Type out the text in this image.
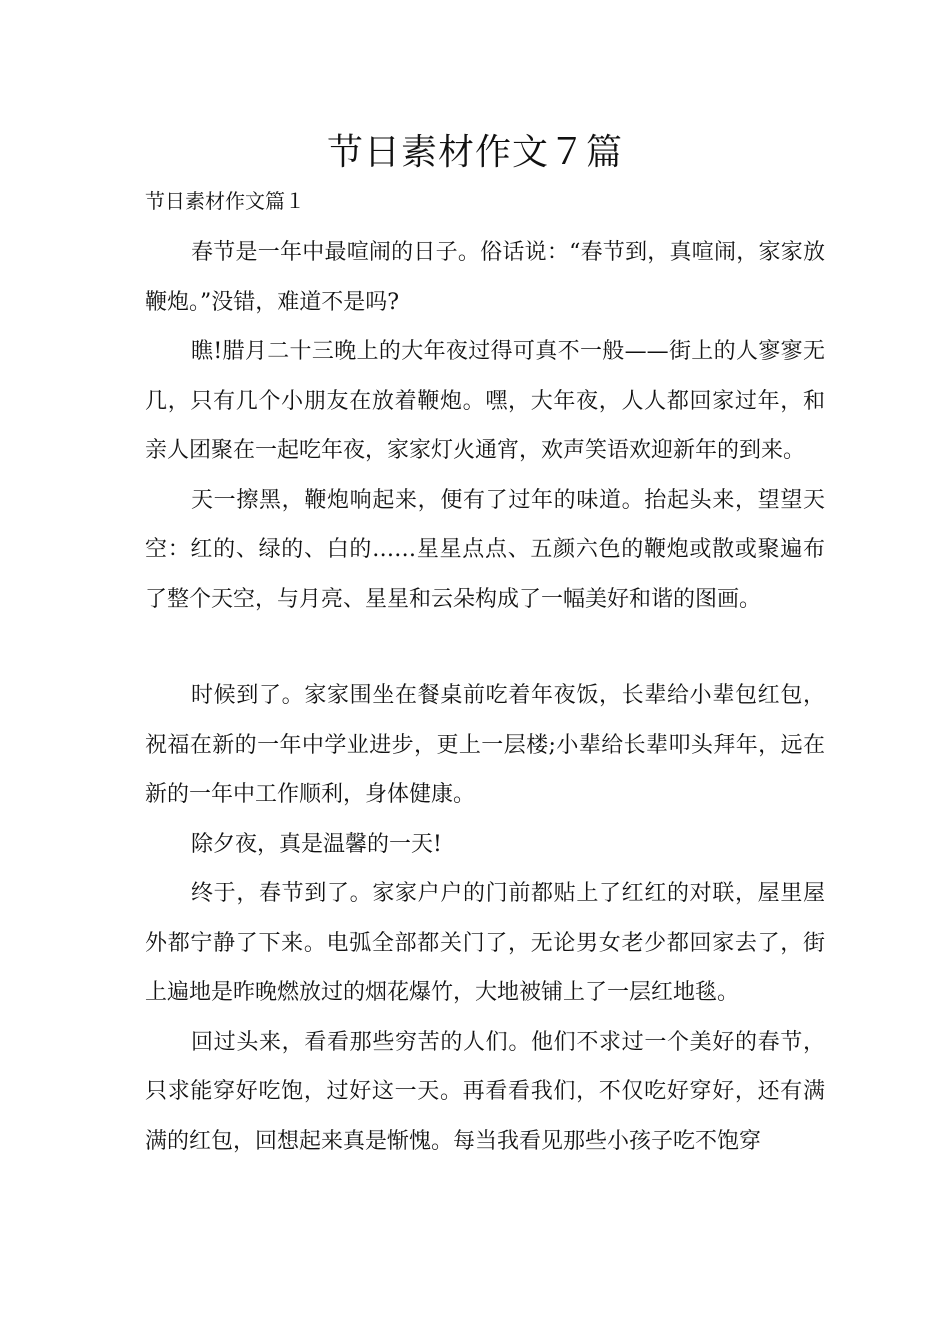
节日素材作文７篇

节日素材作文篇１

春节是一年中最喧闹的日子。俗话说：“春节到，真喧闹，家家放鞭炮。”没错，难道不是吗?

瞧!腊月二十三晚上的大年夜过得可真不一般——街上的人寥寥无几，只有几个小朋友在放着鞭炮。嘿，大年夜，人人都回家过年，和亲人团聚在一起吃年夜，家家灯火通宵，欢声笑语欢迎新年的到来。

天一擦黑，鞭炮响起来，便有了过年的味道。抬起头来，望望天空：红的、绿的、白的……星星点点、五颜六色的鞭炮或散或聚遍布了整个天空，与月亮、星星和云朵构成了一幅美好和谐的图画。

时候到了。家家围坐在餐桌前吃着年夜饭，长辈给小辈包红包，祝福在新的一年中学业进步，更上一层楼;小辈给长辈叩头拜年，远在新的一年中工作顺利，身体健康。

除夕夜，真是温馨的一天!

终于，春节到了。家家户户的门前都贴上了红红的对联，屋里屋外都宁静了下来。电弧全部都关门了，无论男女老少都回家去了，街上遍地是昨晚燃放过的烟花爆竹，大地被铺上了一层红地毯。

回过头来，看看那些穷苦的人们。他们不求过一个美好的春节，只求能穿好吃饱，过好这一天。再看看我们，不仅吃好穿好，还有满满的红包，回想起来真是惭愧。每当我看见那些小孩子吃不饱穿
